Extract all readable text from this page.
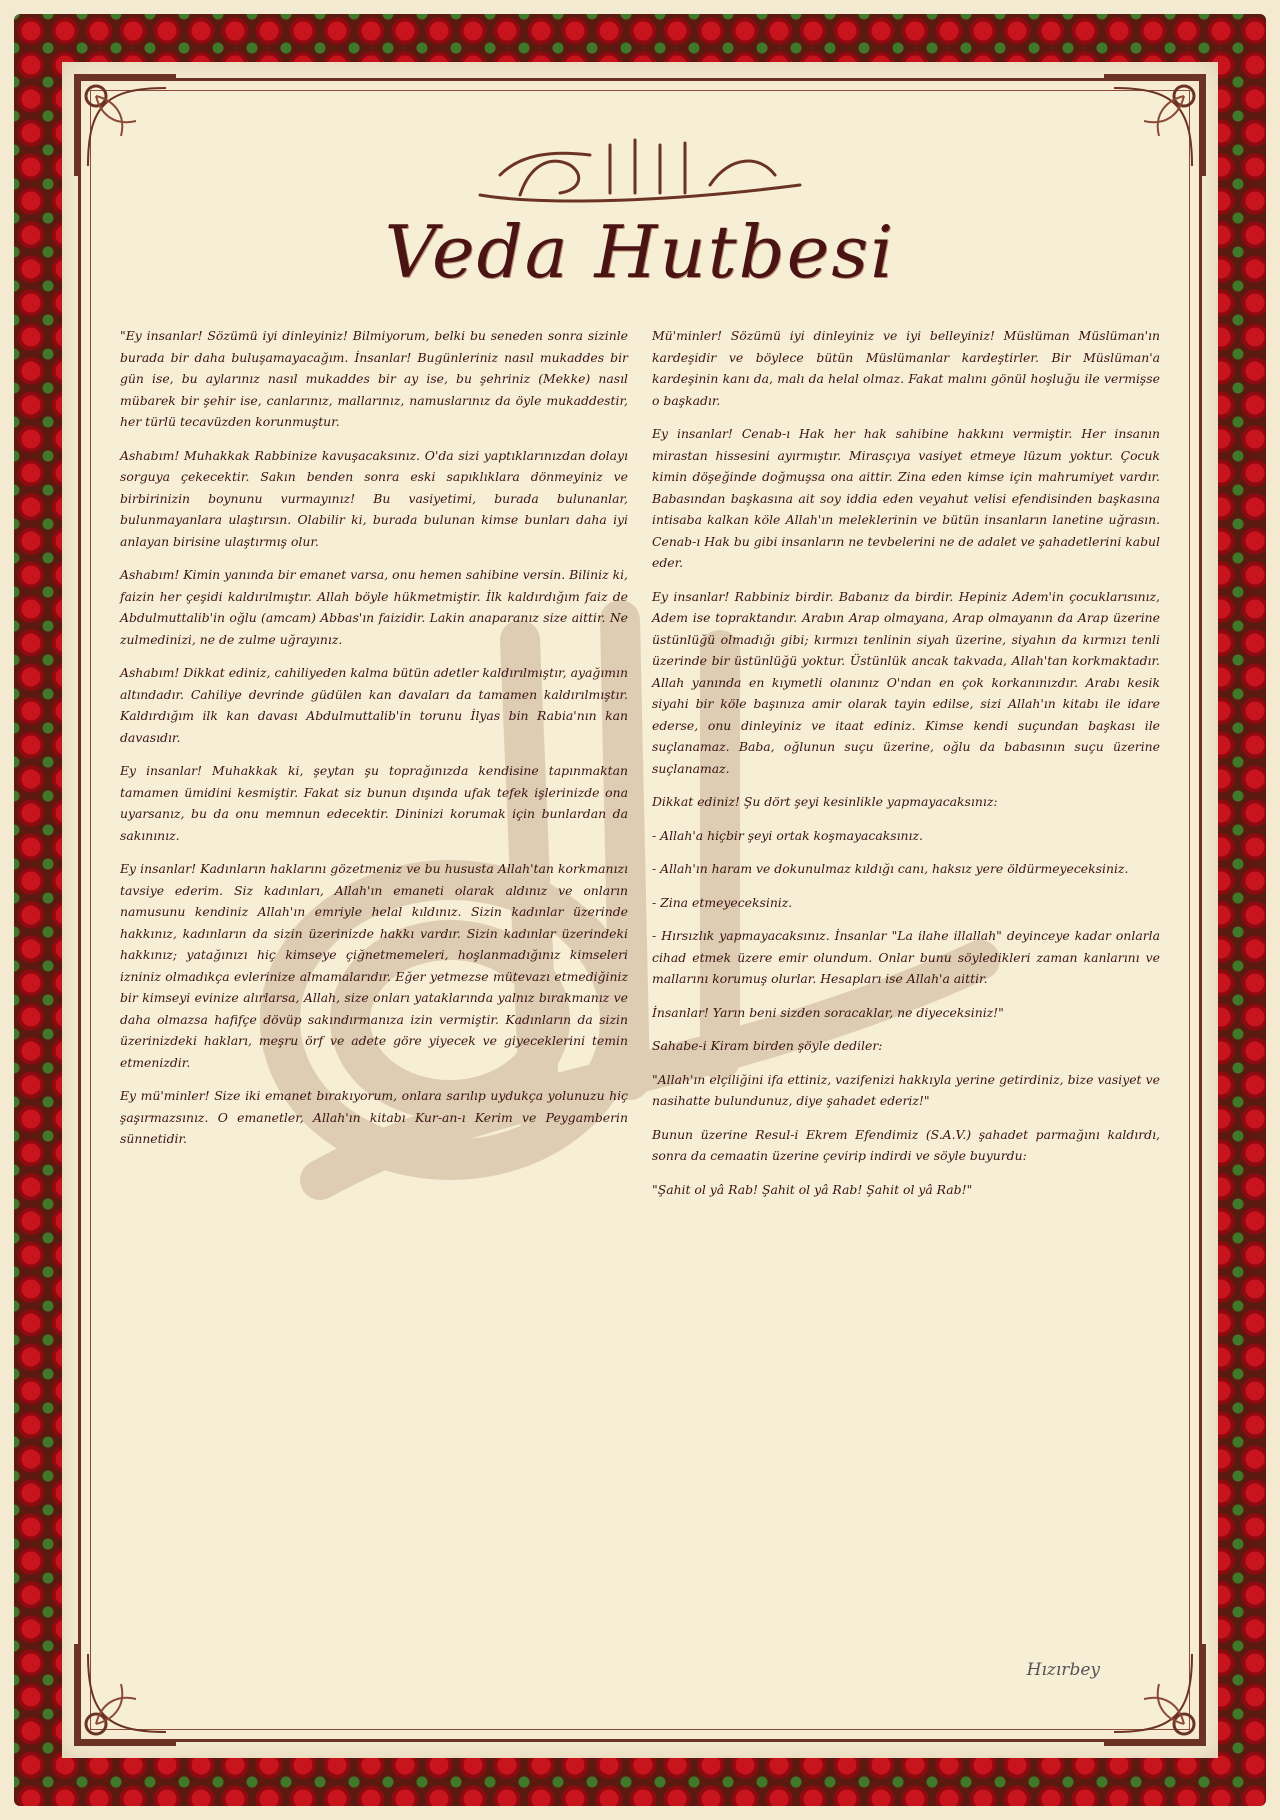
Veda Hutbesi

"Ey insanlar! Sözümü iyi dinleyiniz! Bilmiyorum, belki bu seneden sonra sizinle burada bir daha buluşamayacağım. İnsanlar! Bugünleriniz nasıl mukaddes bir gün ise, bu aylarınız nasıl mukaddes bir ay ise, bu şehriniz (Mekke) nasıl mübarek bir şehir ise, canlarınız, mallarınız, namuslarınız da öyle mukaddestir, her türlü tecavüzden korunmuştur.

Ashabım! Muhakkak Rabbinize kavuşacaksınız. O'da sizi yaptıklarınızdan dolayı sorguya çekecektir. Sakın benden sonra eski sapıklıklara dönmeyiniz ve birbirinizin boynunu vurmayınız! Bu vasiyetimi, burada bulunanlar, bulunmayanlara ulaştırsın. Olabilir ki, burada bulunan kimse bunları daha iyi anlayan birisine ulaştırmış olur.

Ashabım! Kimin yanında bir emanet varsa, onu hemen sahibine versin. Biliniz ki, faizin her çeşidi kaldırılmıştır. Allah böyle hükmetmiştir. İlk kaldırdığım faiz de Abdulmuttalib'in oğlu (amcam) Abbas'ın faizidir. Lakin anaparanız size aittir. Ne zulmedinizi, ne de zulme uğrayınız.

Ashabım! Dikkat ediniz, cahiliyeden kalma bütün adetler kaldırılmıştır, ayağımın altındadır. Cahiliye devrinde güdülen kan davaları da tamamen kaldırılmıştır. Kaldırdığım ilk kan davası Abdulmuttalib'in torunu İlyas bin Rabia'nın kan davasıdır.

Ey insanlar! Muhakkak ki, şeytan şu toprağınızda kendisine tapınmaktan tamamen ümidini kesmiştir. Fakat siz bunun dışında ufak tefek işlerinizde ona uyarsanız, bu da onu memnun edecektir. Dininizi korumak için bunlardan da sakınınız.

Ey insanlar! Kadınların haklarını gözetmeniz ve bu hususta Allah'tan korkmanızı tavsiye ederim. Siz kadınları, Allah'ın emaneti olarak aldınız ve onların namusunu kendiniz Allah'ın emriyle helal kıldınız. Sizin kadınlar üzerinde hakkınız, kadınların da sizin üzerinizde hakkı vardır. Sizin kadınlar üzerindeki hakkınız; yatağınızı hiç kimseye çiğnetmemeleri, hoşlanmadığınız kimseleri izniniz olmadıkça evlerinize almamalarıdır. Eğer yetmezse mütevazı etmediğiniz bir kimseyi evinize alırlarsa, Allah, size onları yataklarında yalnız bırakmanız ve daha olmazsa hafifçe dövüp sakındırmanıza izin vermiştir. Kadınların da sizin üzerinizdeki hakları, meşru örf ve adete göre yiyecek ve giyeceklerini temin etmenizdir.

Ey mü'minler! Size iki emanet bırakıyorum, onlara sarılıp uydukça yolunuzu hiç şaşırmazsınız. O emanetler, Allah'ın kitabı Kur-an-ı Kerim ve Peygamberin sünnetidir.

Mü'minler! Sözümü iyi dinleyiniz ve iyi belleyiniz! Müslüman Müslüman'ın kardeşidir ve böylece bütün Müslümanlar kardeştirler. Bir Müslüman'a kardeşinin kanı da, malı da helal olmaz. Fakat malını gönül hoşluğu ile vermişse o başkadır.

Ey insanlar! Cenab-ı Hak her hak sahibine hakkını vermiştir. Her insanın mirastan hissesini ayırmıştır. Mirasçıya vasiyet etmeye lüzum yoktur. Çocuk kimin döşeğinde doğmuşsa ona aittir. Zina eden kimse için mahrumiyet vardır. Babasından başkasına ait soy iddia eden veyahut velisi efendisinden başkasına intisaba kalkan köle Allah'ın meleklerinin ve bütün insanların lanetine uğrasın. Cenab-ı Hak bu gibi insanların ne tevbelerini ne de adalet ve şahadetlerini kabul eder.

Ey insanlar! Rabbiniz birdir. Babanız da birdir. Hepiniz Adem'in çocuklarısınız, Adem ise topraktandır. Arabın Arap olmayana, Arap olmayanın da Arap üzerine üstünlüğü olmadığı gibi; kırmızı tenlinin siyah üzerine, siyahın da kırmızı tenli üzerinde bir üstünlüğü yoktur. Üstünlük ancak takvada, Allah'tan korkmaktadır. Allah yanında en kıymetli olanınız O'ndan en çok korkanınızdır. Arabı kesik siyahi bir köle başınıza amir olarak tayin edilse, sizi Allah'ın kitabı ile idare ederse, onu dinleyiniz ve itaat ediniz. Kimse kendi suçundan başkası ile suçlanamaz. Baba, oğlunun suçu üzerine, oğlu da babasının suçu üzerine suçlanamaz.

Dikkat ediniz! Şu dört şeyi kesinlikle yapmayacaksınız:

- Allah'a hiçbir şeyi ortak koşmayacaksınız.

- Allah'ın haram ve dokunulmaz kıldığı canı, haksız yere öldürmeyeceksiniz.

- Zina etmeyeceksiniz.

- Hırsızlık yapmayacaksınız. İnsanlar "La ilahe illallah" deyinceye kadar onlarla cihad etmek üzere emir olundum. Onlar bunu söyledikleri zaman kanlarını ve mallarını korumuş olurlar. Hesapları ise Allah'a aittir.

İnsanlar! Yarın beni sizden soracaklar, ne diyeceksiniz!"

Sahabe-i Kiram birden şöyle dediler:

"Allah'ın elçiliğini ifa ettiniz, vazifenizi hakkıyla yerine getirdiniz, bize vasiyet ve nasihatte bulundunuz, diye şahadet ederiz!"

Bunun üzerine Resul-i Ekrem Efendimiz (S.A.V.) şahadet parmağını kaldırdı, sonra da cemaatin üzerine çevirip indirdi ve söyle buyurdu:

"Şahit ol yâ Rab! Şahit ol yâ Rab! Şahit ol yâ Rab!"

Hızırbey
